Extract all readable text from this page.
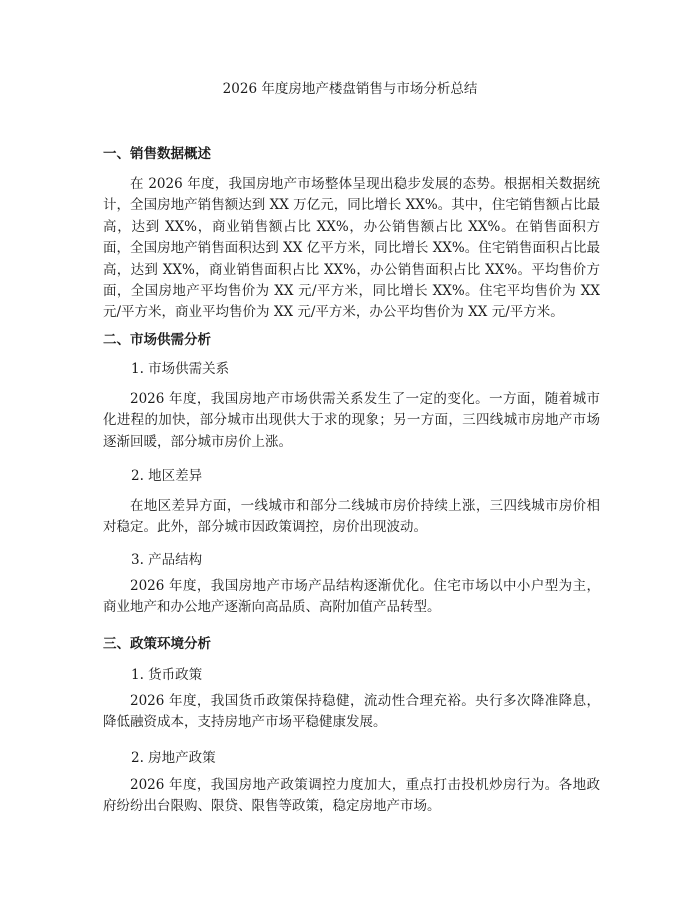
2026 年度房地产楼盘销售与市场分析总结
一、销售数据概述

在 2026 年度，我国房地产市场整体呈现出稳步发展的态势。根据相关数据统计，全国房地产销售额达到 XX 万亿元，同比增长 XX%。其中，住宅销售额占比最高，达到 XX%，商业销售额占比 XX%，办公销售额占比 XX%。在销售面积方面，全国房地产销售面积达到 XX 亿平方米，同比增长 XX%。住宅销售面积占比最高，达到 XX%，商业销售面积占比 XX%，办公销售面积占比 XX%。平均售价方面，全国房地产平均售价为 XX 元/平方米，同比增长 XX%。住宅平均售价为 XX 元/平方米，商业平均售价为 XX 元/平方米，办公平均售价为 XX 元/平方米。

二、市场供需分析
1. 市场供需关系

2026 年度，我国房地产市场供需关系发生了一定的变化。一方面，随着城市化进程的加快，部分城市出现供大于求的现象；另一方面，三四线城市房地产市场逐渐回暖，部分城市房价上涨。

2. 地区差异

在地区差异方面，一线城市和部分二线城市房价持续上涨，三四线城市房价相对稳定。此外，部分城市因政策调控，房价出现波动。

3. 产品结构

2026 年度，我国房地产市场产品结构逐渐优化。住宅市场以中小户型为主，商业地产和办公地产逐渐向高品质、高附加值产品转型。

三、政策环境分析
1. 货币政策

2026 年度，我国货币政策保持稳健，流动性合理充裕。央行多次降准降息，降低融资成本，支持房地产市场平稳健康发展。

2. 房地产政策

2026 年度，我国房地产政策调控力度加大，重点打击投机炒房行为。各地政府纷纷出台限购、限贷、限售等政策，稳定房地产市场。
